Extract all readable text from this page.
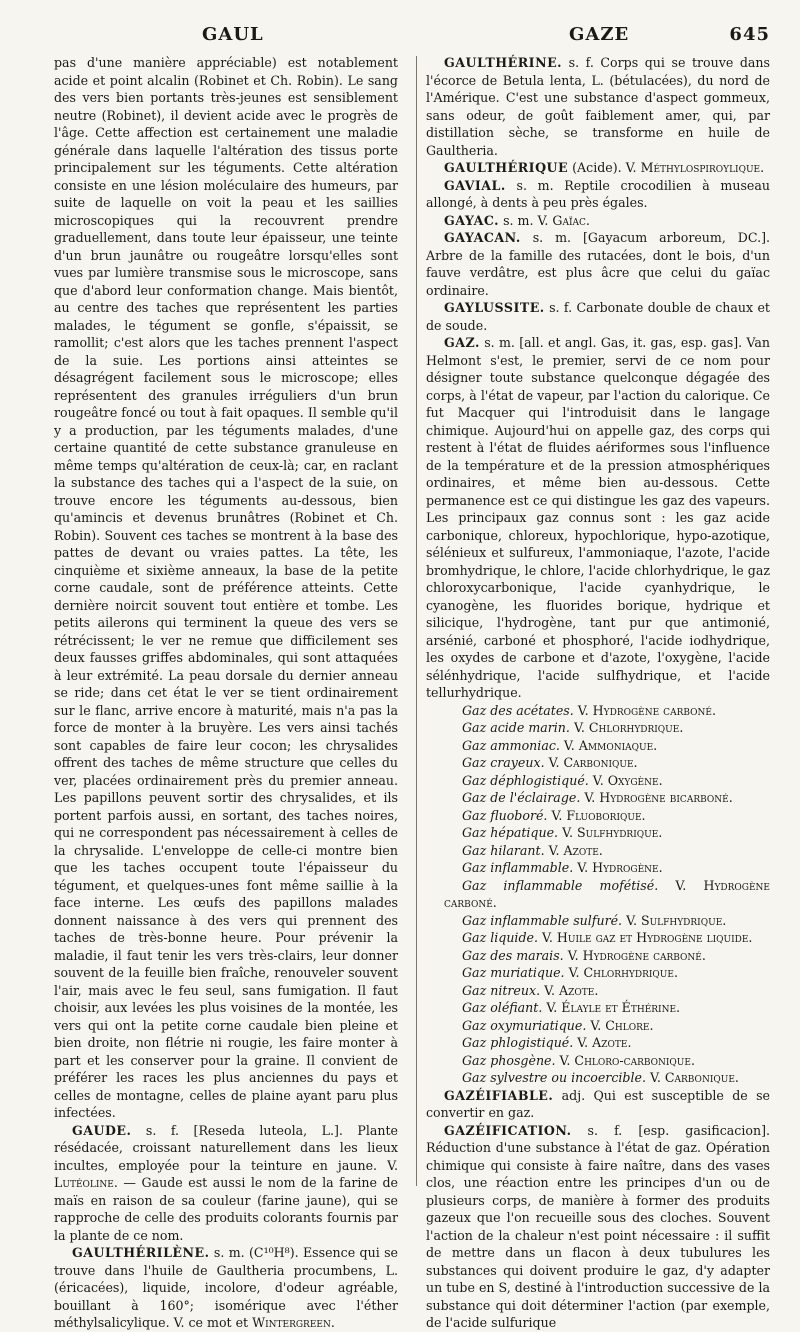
GAUL	GAZE	645

pas d'une manière appréciable) est notablement acide et point alcalin (Robinet et Ch. Robin). Le sang des vers bien portants très-jeunes est sensiblement neutre (Robinet), il devient acide avec le progrès de l'âge. Cette affection est certainement une maladie générale dans laquelle l'altération des tissus porte principalement sur les téguments. Cette altération consiste en une lésion moléculaire des humeurs, par suite de laquelle on voit la peau et les saillies microscopiques qui la recouvrent prendre graduellement, dans toute leur épaisseur, une teinte d'un brun jaunâtre ou rougeâtre lorsqu'elles sont vues par lumière transmise sous le microscope, sans que d'abord leur conformation change. Mais bientôt, au centre des taches que représentent les parties malades, le tégument se gonfle, s'épaissit, se ramollit; c'est alors que les taches prennent l'aspect de la suie. Les portions ainsi atteintes se désagrégent facilement sous le microscope; elles représentent des granules irréguliers d'un brun rougeâtre foncé ou tout à fait opaques. Il semble qu'il y a production, par les téguments malades, d'une certaine quantité de cette substance granuleuse en même temps qu'altération de ceux-là; car, en raclant la substance des taches qui a l'aspect de la suie, on trouve encore les téguments au-dessous, bien qu'amincis et devenus brunâtres (Robinet et Ch. Robin). Souvent ces taches se montrent à la base des pattes de devant ou vraies pattes. La tête, les cinquième et sixième anneaux, la base de la petite corne caudale, sont de préférence atteints. Cette dernière noircit souvent tout entière et tombe. Les petits ailerons qui terminent la queue des vers se rétrécissent; le ver ne remue que difficilement ses deux fausses griffes abdominales, qui sont attaquées à leur extrémité. La peau dorsale du dernier anneau se ride; dans cet état le ver se tient ordinairement sur le flanc, arrive encore à maturité, mais n'a pas la force de monter à la bruyère. Les vers ainsi tachés sont capables de faire leur cocon; les chrysalides offrent des taches de même structure que celles du ver, placées ordinairement près du premier anneau. Les papillons peuvent sortir des chrysalides, et ils portent parfois aussi, en sortant, des taches noires, qui ne correspondent pas nécessairement à celles de la chrysalide. L'enveloppe de celle-ci montre bien que les taches occupent toute l'épaisseur du tégument, et quelques-unes font même saillie à la face interne. Les œufs des papillons malades donnent naissance à des vers qui prennent des taches de très-bonne heure. Pour prévenir la maladie, il faut tenir les vers très-clairs, leur donner souvent de la feuille bien fraîche, renouveler souvent l'air, mais avec le feu seul, sans fumigation. Il faut choisir, aux levées les plus voisines de la montée, les vers qui ont la petite corne caudale bien pleine et bien droite, non flétrie ni rougie, les faire monter à part et les conserver pour la graine. Il convient de préférer les races les plus anciennes du pays et celles de montagne, celles de plaine ayant paru plus infectées.

GAUDE. s. f. [Reseda luteola, L.]. Plante résédacée, croissant naturellement dans les lieux incultes, employée pour la teinture en jaune. V. Lutéoline. — Gaude est aussi le nom de la farine de maïs en raison de sa couleur (farine jaune), qui se rapproche de celle des produits colorants fournis par la plante de ce nom.

GAULTHÉRILÈNE. s. m. (C¹⁰H⁸). Essence qui se trouve dans l'huile de Gaultheria procumbens, L. (éricacées), liquide, incolore, d'odeur agréable, bouillant à 160°; isomérique avec l'éther méthylsalicylique. V. ce mot et Wintergreen.

GAULTHÉRINE. s. f. Corps qui se trouve dans l'écorce de Betula lenta, L. (bétulacées), du nord de l'Amérique. C'est une substance d'aspect gommeux, sans odeur, de goût faiblement amer, qui, par distillation sèche, se transforme en huile de Gaultheria.

GAULTHÉRIQUE (Acide). V. Méthylospiroylique.

GAVIAL. s. m. Reptile crocodilien à museau allongé, à dents à peu près égales.

GAYAC. s. m. V. Gaïac.

GAYACAN. s. m. [Gayacum arboreum, DC.]. Arbre de la famille des rutacées, dont le bois, d'un fauve verdâtre, est plus âcre que celui du gaïac ordinaire.

GAYLUSSITE. s. f. Carbonate double de chaux et de soude.

GAZ. s. m. [all. et angl. Gas, it. gas, esp. gas]. Van Helmont s'est, le premier, servi de ce nom pour désigner toute substance quelconque dégagée des corps, à l'état de vapeur, par l'action du calorique. Ce fut Macquer qui l'introduisit dans le langage chimique. Aujourd'hui on appelle gaz, des corps qui restent à l'état de fluides aériformes sous l'influence de la température et de la pression atmosphériques ordinaires, et même bien au-dessous. Cette permanence est ce qui distingue les gaz des vapeurs. Les principaux gaz connus sont : les gaz acide carbonique, chloreux, hypochlorique, hypo-azotique, sélénieux et sulfureux, l'ammoniaque, l'azote, l'acide bromhydrique, le chlore, l'acide chlorhydrique, le gaz chloroxycarbonique, l'acide cyanhydrique, le cyanogène, les fluorides borique, hydrique et silicique, l'hydrogène, tant pur que antimonié, arsénié, carboné et phosphoré, l'acide iodhydrique, les oxydes de carbone et d'azote, l'oxygène, l'acide sélénhydrique, l'acide sulfhydrique, et l'acide tellurhydrique.

Gaz des acétates. V. Hydrogène carboné.

Gaz acide marin. V. Chlorhydrique.

Gaz ammoniac. V. Ammoniaque.

Gaz crayeux. V. Carbonique.

Gaz déphlogistiqué. V. Oxygène.

Gaz de l'éclairage. V. Hydrogène bicarboné.

Gaz fluoboré. V. Fluoborique.

Gaz hépatique. V. Sulfhydrique.

Gaz hilarant. V. Azote.

Gaz inflammable. V. Hydrogène.

Gaz inflammable mofétisé. V. Hydrogène carboné.

Gaz inflammable sulfuré. V. Sulfhydrique.

Gaz liquide. V. Huile gaz et Hydrogène liquide.

Gaz des marais. V. Hydrogène carboné.

Gaz muriatique. V. Chlorhydrique.

Gaz nitreux. V. Azote.

Gaz oléfiant. V. Élayle et Éthérine.

Gaz oxymuriatique. V. Chlore.

Gaz phlogistiqué. V. Azote.

Gaz phosgène. V. Chloro-carbonique.

Gaz sylvestre ou incoercible. V. Carbonique.

GAZÉIFIABLE. adj. Qui est susceptible de se convertir en gaz.

GAZÉIFICATION. s. f. [esp. gasificacion]. Réduction d'une substance à l'état de gaz. Opération chimique qui consiste à faire naître, dans des vases clos, une réaction entre les principes d'un ou de plusieurs corps, de manière à former des produits gazeux que l'on recueille sous des cloches. Souvent l'action de la chaleur n'est point nécessaire : il suffit de mettre dans un flacon à deux tubulures les substances qui doivent produire le gaz, d'y adapter un tube en S, destiné à l'introduction successive de la substance qui doit déterminer l'action (par exemple, de l'acide sulfurique
